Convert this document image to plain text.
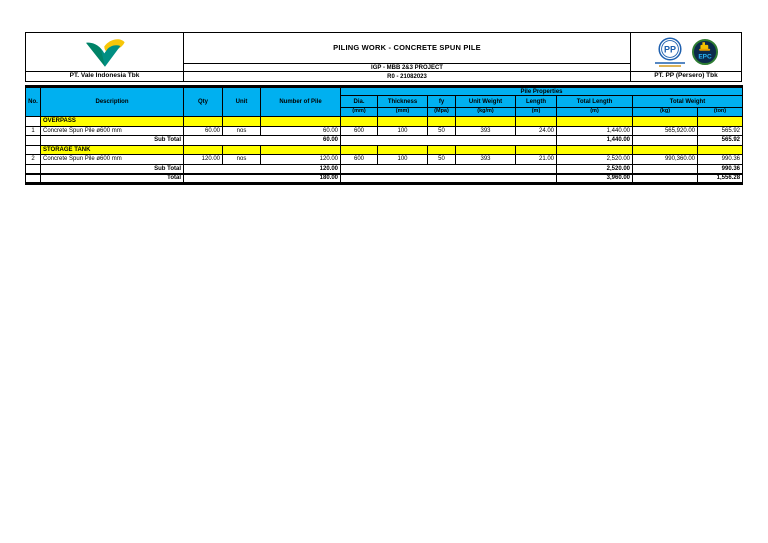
PT. Vale Indonesia Tbk
PILING WORK - CONCRETE SPUN PILE
IGP - MBB 2&3 PROJECT
R0 - 21082023
PP
EPC
PT. PP (Persero) Tbk
No.	Description	Qty	Unit	Number of Pile	Pile Properties							
					Dia.	Thickness	fy	Unit Weight	Length	Total Length	Total Weight	
					(mm)	(mm)	(Mpa)	(kg/m)	(m)	(m)	(kg)	(ton)
	OVERPASS											
1	Concrete Spun Pile ø600 mm	60.00	nos	60.00	600	100	50	393	24.00	1,440.00	565,920.00	565.92
	Sub Total	60.00								1,440.00		565.92
	STORAGE TANK											
2	Concrete Spun Pile ø600 mm	120.00	nos	120.00	600	100	50	393	21.00	2,520.00	990,360.00	990.36
	Sub Total	120.00								2,520.00		990.36
	Total	180.00								3,960.00		1,556.28
